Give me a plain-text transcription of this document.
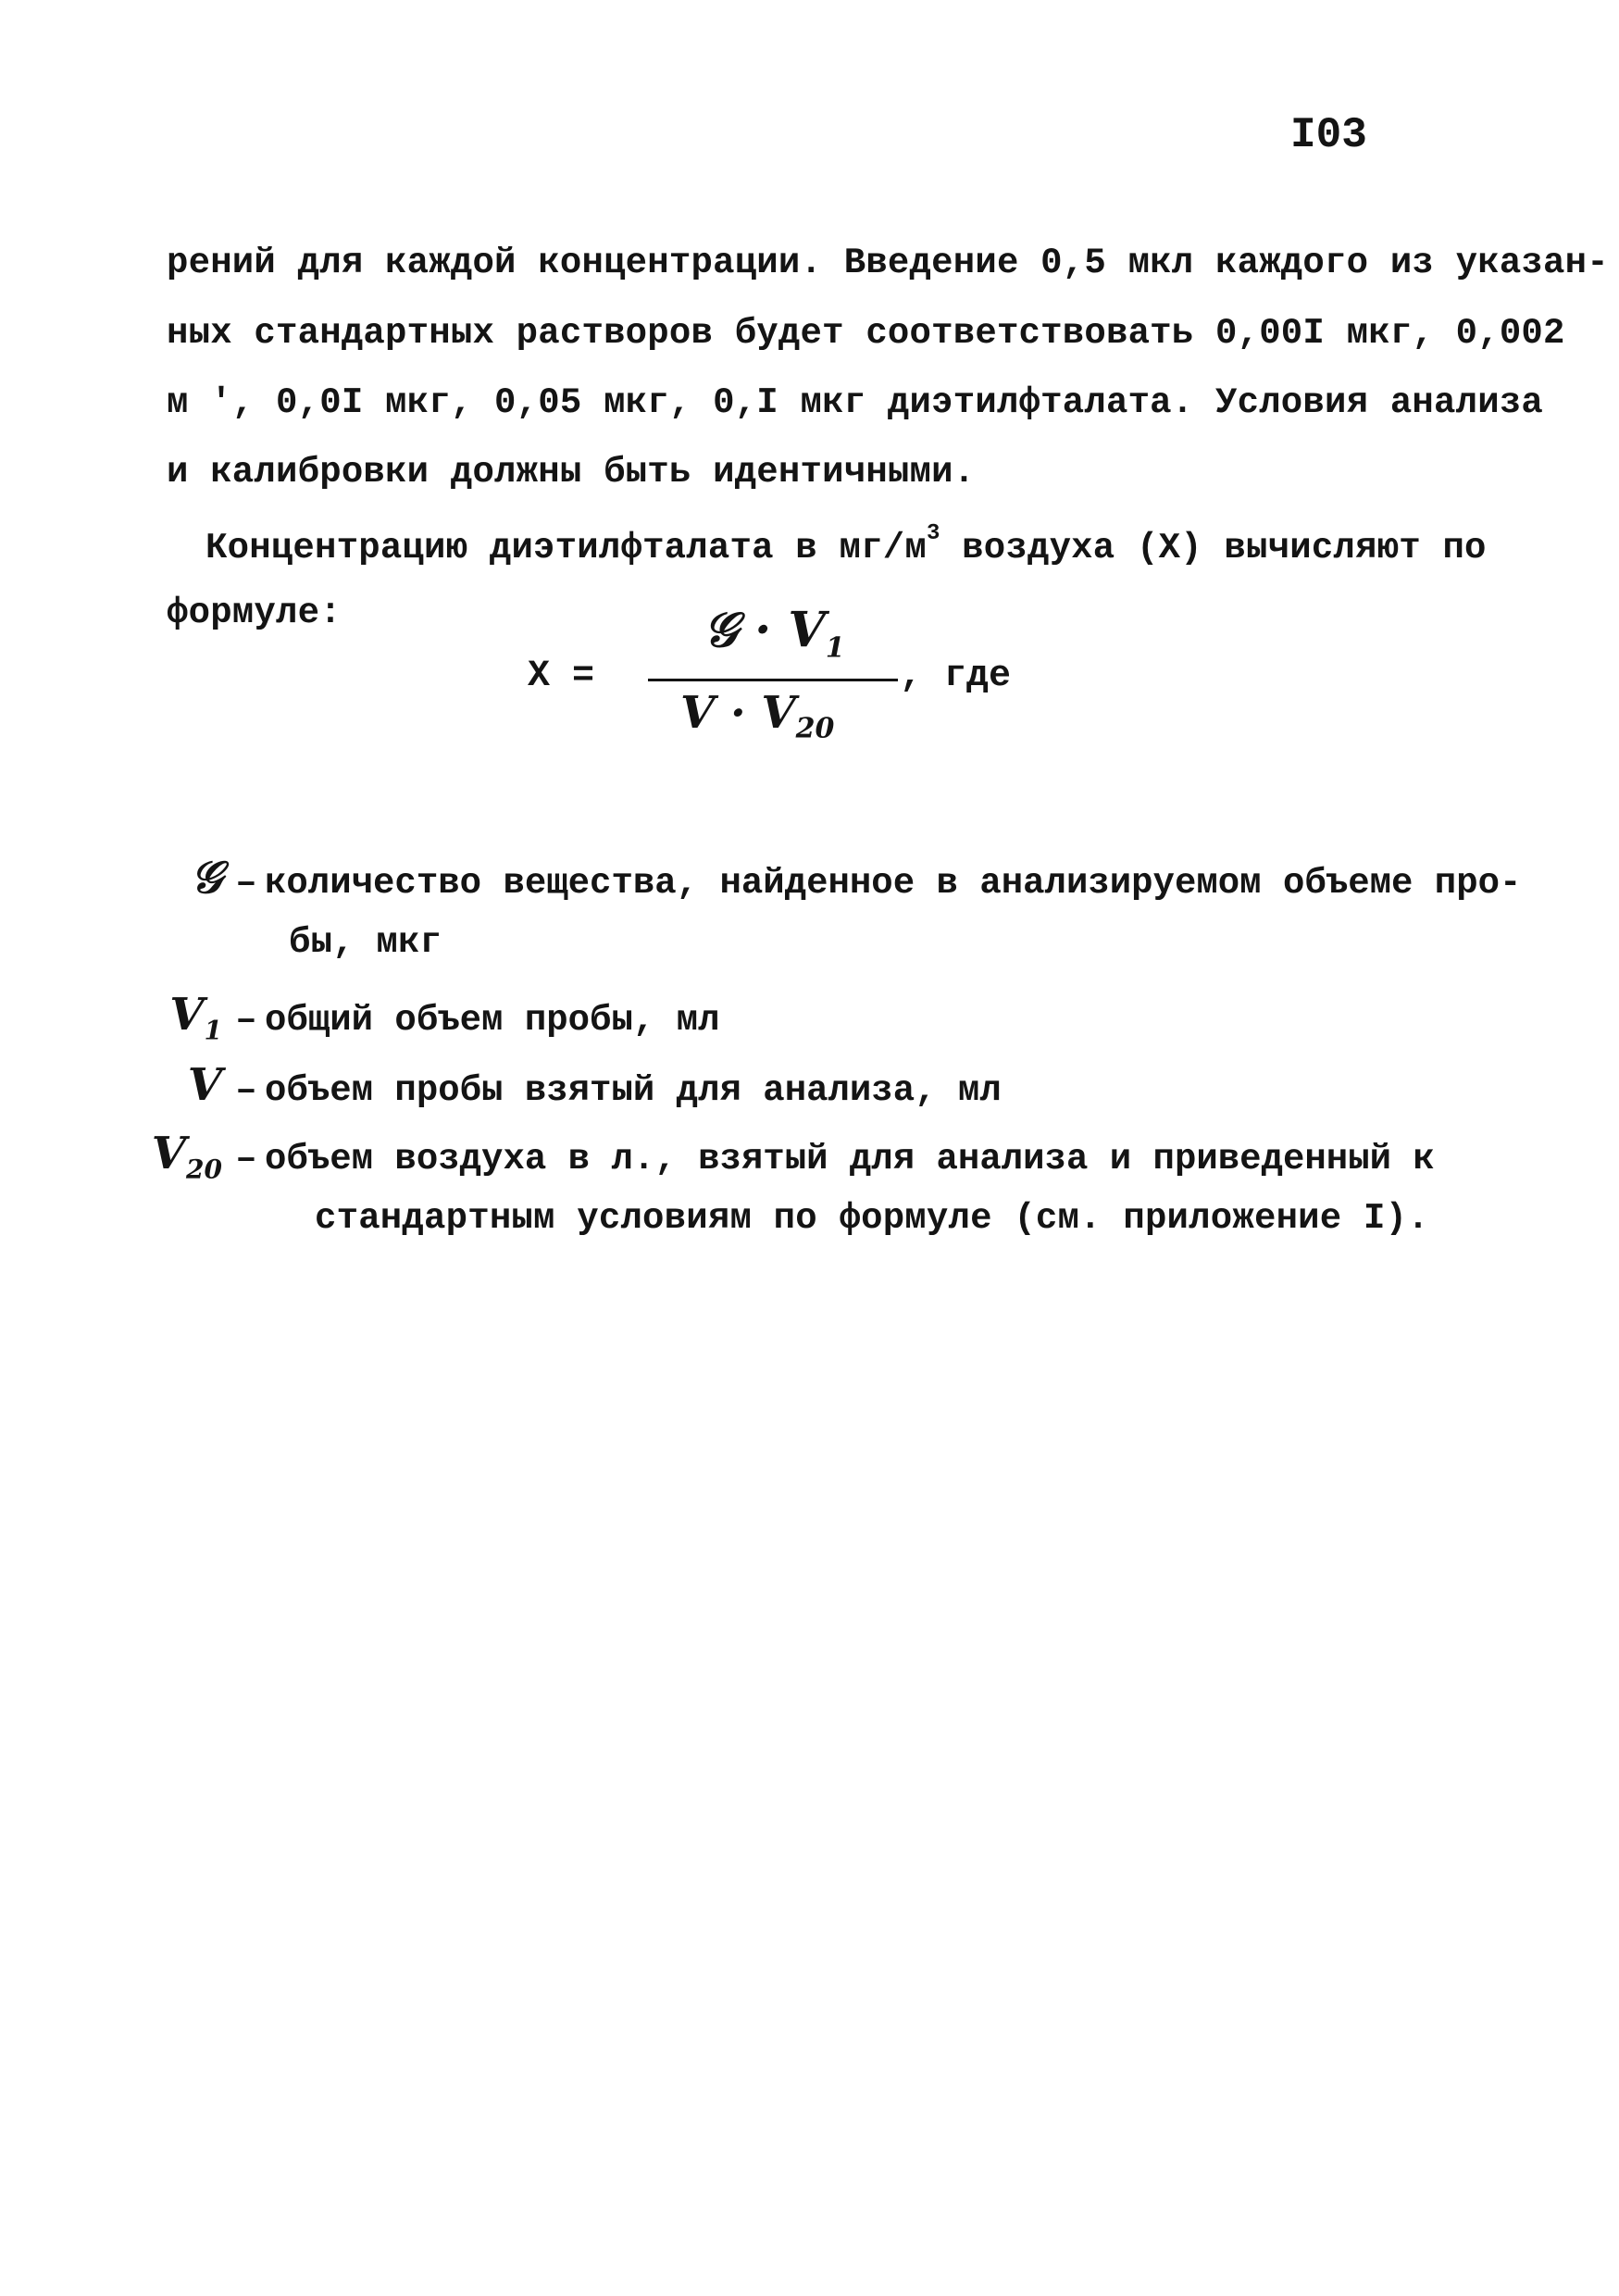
I03
рений для каждой концентрации. Введение 0,5 мкл каждого из указан-
ных стандартных растворов будет соответствовать 0,00I мкг, 0,002
м ', 0,0I мкг, 0,05 мкг, 0,I мкг диэтилфталата. Условия анализа
и калибровки должны быть идентичными.
Концентрацию диэтилфталата в $мг/м^3$ воздуха (X) вычисляют по
формуле:
X =
𝒢 · $V_1$
$V \cdot V_{20}$
, где
𝒢 – количество вещества, найденное в анализируемом объеме про-
бы, мкг
$V_1$ – общий объем пробы, мл
V – объем пробы взятый для анализа, мл
$V_{20}$ – объем воздуха в л., взятый для анализа и приведенный к
стандартным условиям по формуле (см. приложение I).
